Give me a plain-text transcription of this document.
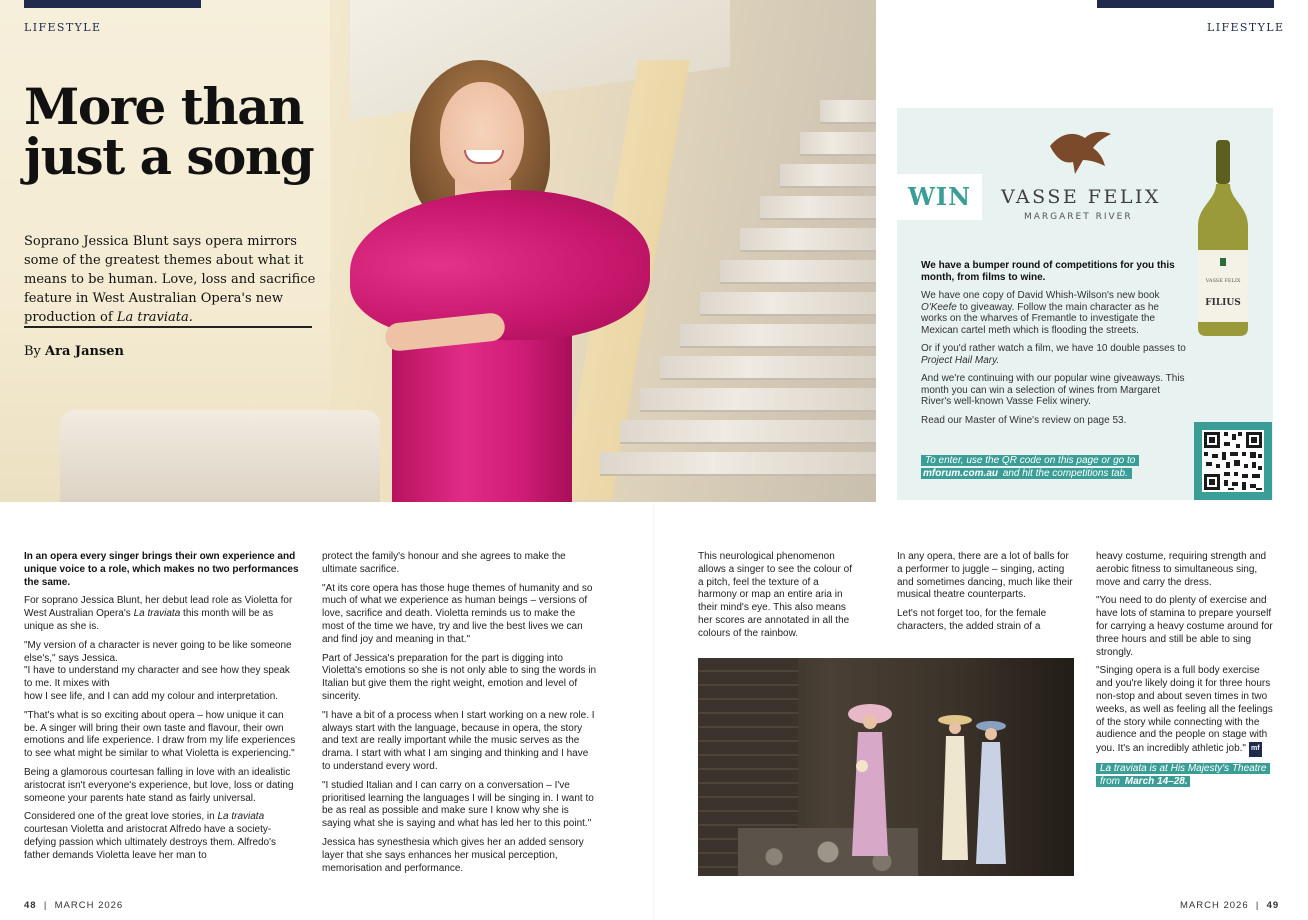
LIFESTYLE	LIFESTYLE
More than
just a song

Soprano Jessica Blunt says opera mirrors some of the greatest themes about what it means to be human. Love, loss and sacrifice feature in West Australian Opera's new production of La traviata.

By Ara Jansen
WIN	VASSE FELIX
MARGARET RIVER
VASSE FELIX
FILIUS

We have a bumper round of competitions for you this month, from films to wine.

We have one copy of David Whish-Wilson's new book O'Keefe to giveaway. Follow the main character as he works on the wharves of Fremantle to investigate the Mexican cartel meth which is flooding the streets.

Or if you'd rather watch a film, we have 10 double passes to Project Hail Mary.

And we're continuing with our popular wine giveaways. This month you can win a selection of wines from Margaret River's well-known Vasse Felix winery.

Read our Master of Wine's review on page 53.

To enter, use the QR code on this page or go to mforum.com.au and hit the competitions tab.

In an opera every singer brings their own experience and unique voice to a role, which makes no two performances the same.

For soprano Jessica Blunt, her debut lead role as Violetta for West Australian Opera's La traviata this month will be as unique as she is.

"My version of a character is never going to be like someone else's," says Jessica.
"I have to understand my character and see how they speak to me. It mixes with
how I see life, and I can add my colour and interpretation.

"That's what is so exciting about opera – how unique it can be. A singer will bring their own taste and flavour, their own emotions and life experience. I draw from my life experiences to see what might be similar to what Violetta is experiencing."

Being a glamorous courtesan falling in love with an idealistic aristocrat isn't everyone's experience, but love, loss or dating someone your parents hate stand as fairly universal.

Considered one of the great love stories, in La traviata courtesan Violetta and aristocrat Alfredo have a society-defying passion which ultimately destroys them. Alfredo's father demands Violetta leave her man to

protect the family's honour and she agrees to make the ultimate sacrifice.

"At its core opera has those huge themes of humanity and so much of what we experience as human beings – versions of love, sacrifice and death. Violetta reminds us to make the most of the time we have, try and live the best lives we can and find joy and meaning in that."

Part of Jessica's preparation for the part is digging into Violetta's emotions so she is not only able to sing the words in Italian but give them the right weight, emotion and level of sincerity.

"I have a bit of a process when I start working on a new role. I always start with the language, because in opera, the story and text are really important while the music serves as the drama. I start with what I am singing and thinking and I have to understand every word.

"I studied Italian and I can carry on a conversation – I've prioritised learning the languages I will be singing in. I want to be as real as possible and make sure I know why she is saying what she is saying and what has led her to this point."

Jessica has synesthesia which gives her an added sensory layer that she says enhances her musical perception, memorisation and performance.

This neurological phenomenon allows a singer to see the colour of a pitch, feel the texture of a harmony or map an entire aria in their mind's eye. This also means her scores are annotated in all the colours of the rainbow.

In any opera, there are a lot of balls for a performer to juggle – singing, acting and sometimes dancing, much like their musical theatre counterparts.

Let's not forget too, for the female characters, the added strain of a

heavy costume, requiring strength and aerobic fitness to simultaneous sing, move and carry the dress.

"You need to do plenty of exercise and have lots of stamina to prepare yourself for carrying a heavy costume around for three hours and still be able to sing strongly.

"Singing opera is a full body exercise and you're likely doing it for three hours non-stop and about seven times in two weeks, as well as feeling all the feelings of the story while connecting with the audience and the people on stage with you. It's an incredibly athletic job." mf

La traviata is at His Majesty's Theatre from March 14–28.

48 | MARCH 2026	MARCH 2026 | 49
